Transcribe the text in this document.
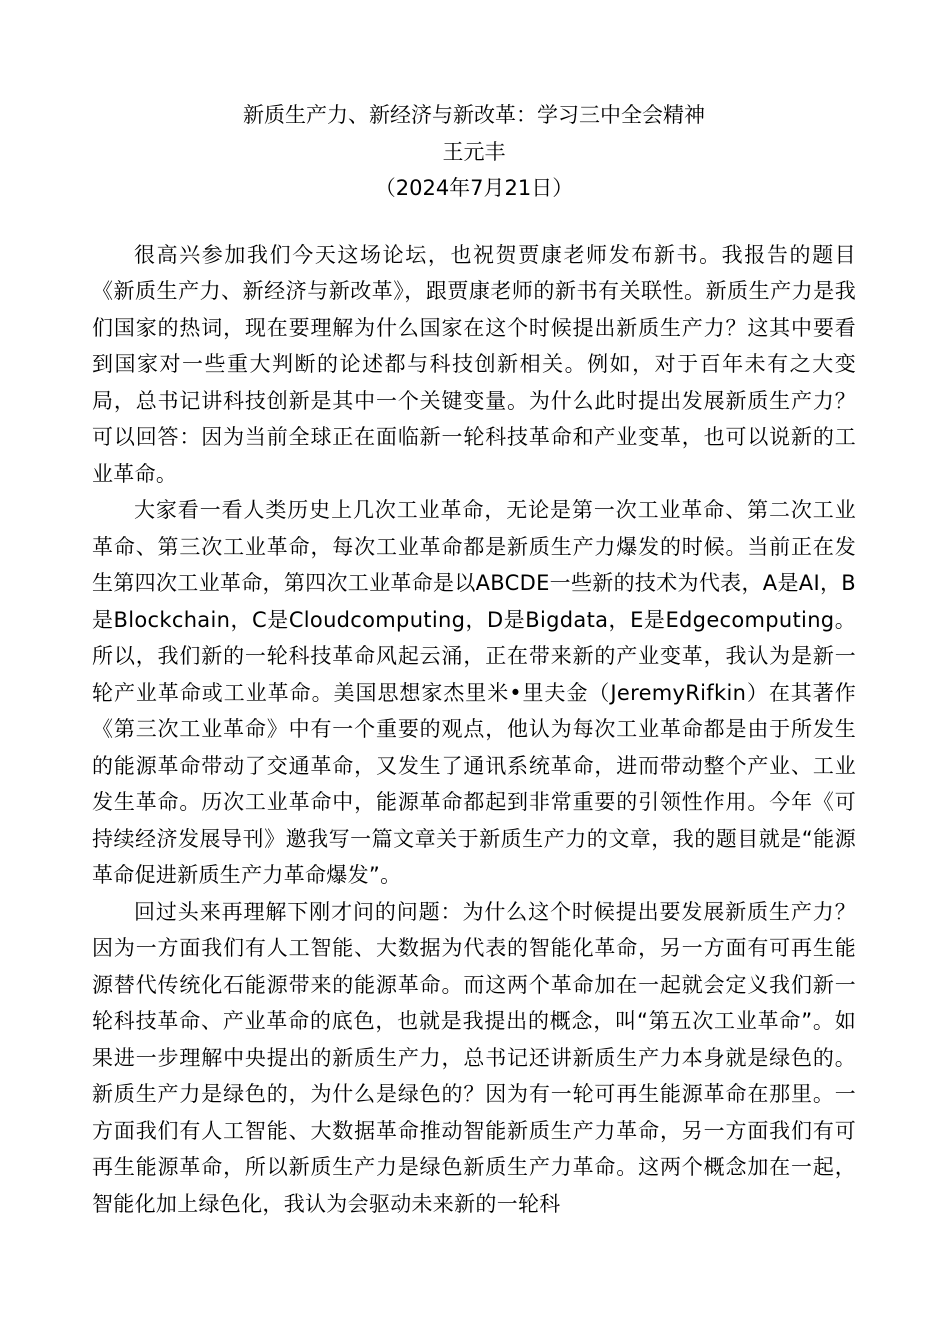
新质生产力、新经济与新改革：学习三中全会精神
王元丰
（2024年7月21日）

很高兴参加我们今天这场论坛，也祝贺贾康老师发布新书。我报告的题目《新质生产力、新经济与新改革》，跟贾康老师的新书有关联性。新质生产力是我们国家的热词，现在要理解为什么国家在这个时候提出新质生产力？这其中要看到国家对一些重大判断的论述都与科技创新相关。例如，对于百年未有之大变局，总书记讲科技创新是其中一个关键变量。为什么此时提出发展新质生产力？可以回答：因为当前全球正在面临新一轮科技革命和产业变革，也可以说新的工业革命。

大家看一看人类历史上几次工业革命，无论是第一次工业革命、第二次工业革命、第三次工业革命，每次工业革命都是新质生产力爆发的时候。当前正在发生第四次工业革命，第四次工业革命是以ABCDE一些新的技术为代表，A是AI，B是Blockchain，C是Cloudcomputing，D是Bigdata，E是Edgecomputing。所以，我们新的一轮科技革命风起云涌，正在带来新的产业变革，我认为是新一轮产业革命或工业革命。美国思想家杰里米•里夫金（JeremyRifkin）在其著作《第三次工业革命》中有一个重要的观点，他认为每次工业革命都是由于所发生的能源革命带动了交通革命，又发生了通讯系统革命，进而带动整个产业、工业发生革命。历次工业革命中，能源革命都起到非常重要的引领性作用。今年《可持续经济发展导刊》邀我写一篇文章关于新质生产力的文章，我的题目就是“能源革命促进新质生产力革命爆发”。

回过头来再理解下刚才问的问题：为什么这个时候提出要发展新质生产力？因为一方面我们有人工智能、大数据为代表的智能化革命，另一方面有可再生能源替代传统化石能源带来的能源革命。而这两个革命加在一起就会定义我们新一轮科技革命、产业革命的底色，也就是我提出的概念，叫“第五次工业革命”。如果进一步理解中央提出的新质生产力，总书记还讲新质生产力本身就是绿色的。新质生产力是绿色的，为什么是绿色的？因为有一轮可再生能源革命在那里。一方面我们有人工智能、大数据革命推动智能新质生产力革命，另一方面我们有可再生能源革命，所以新质生产力是绿色新质生产力革命。这两个概念加在一起，智能化加上绿色化，我认为会驱动未来新的一轮科
